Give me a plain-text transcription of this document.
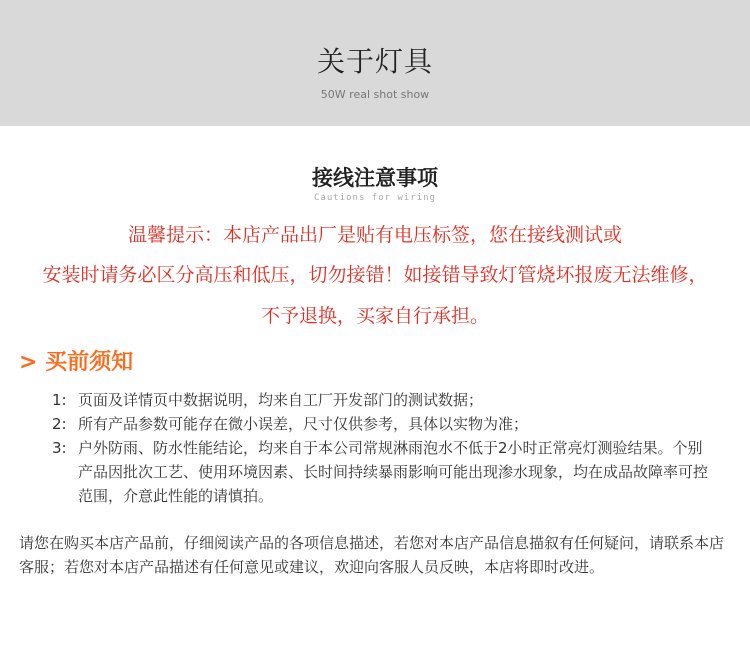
关于灯具
50W real shot show
接线注意事项
Cautions for wiring
温馨提示：本店产品出厂是贴有电压标签，您在接线测试或
安装时请务必区分高压和低压，切勿接错！如接错导致灯管烧坏报废无法维修，
不予退换，买家自行承担。
> 买前须知
1: 页面及详情页中数据说明，均来自工厂开发部门的测试数据；
2: 所有产品参数可能存在微小误差，尺寸仅供参考，具体以实物为准；
3: 户外防雨、防水性能结论，均来自于本公司常规淋雨泡水不低于2小时正常亮灯测验结果。个别产品因批次工艺、使用环境因素、长时间持续暴雨影响可能出现渗水现象，均在成品故障率可控范围，介意此性能的请慎拍。
请您在购买本店产品前，仔细阅读产品的各项信息描述，若您对本店产品信息描叙有任何疑问，请联系本店客服；若您对本店产品描述有任何意见或建议，欢迎向客服人员反映，本店将即时改进。
